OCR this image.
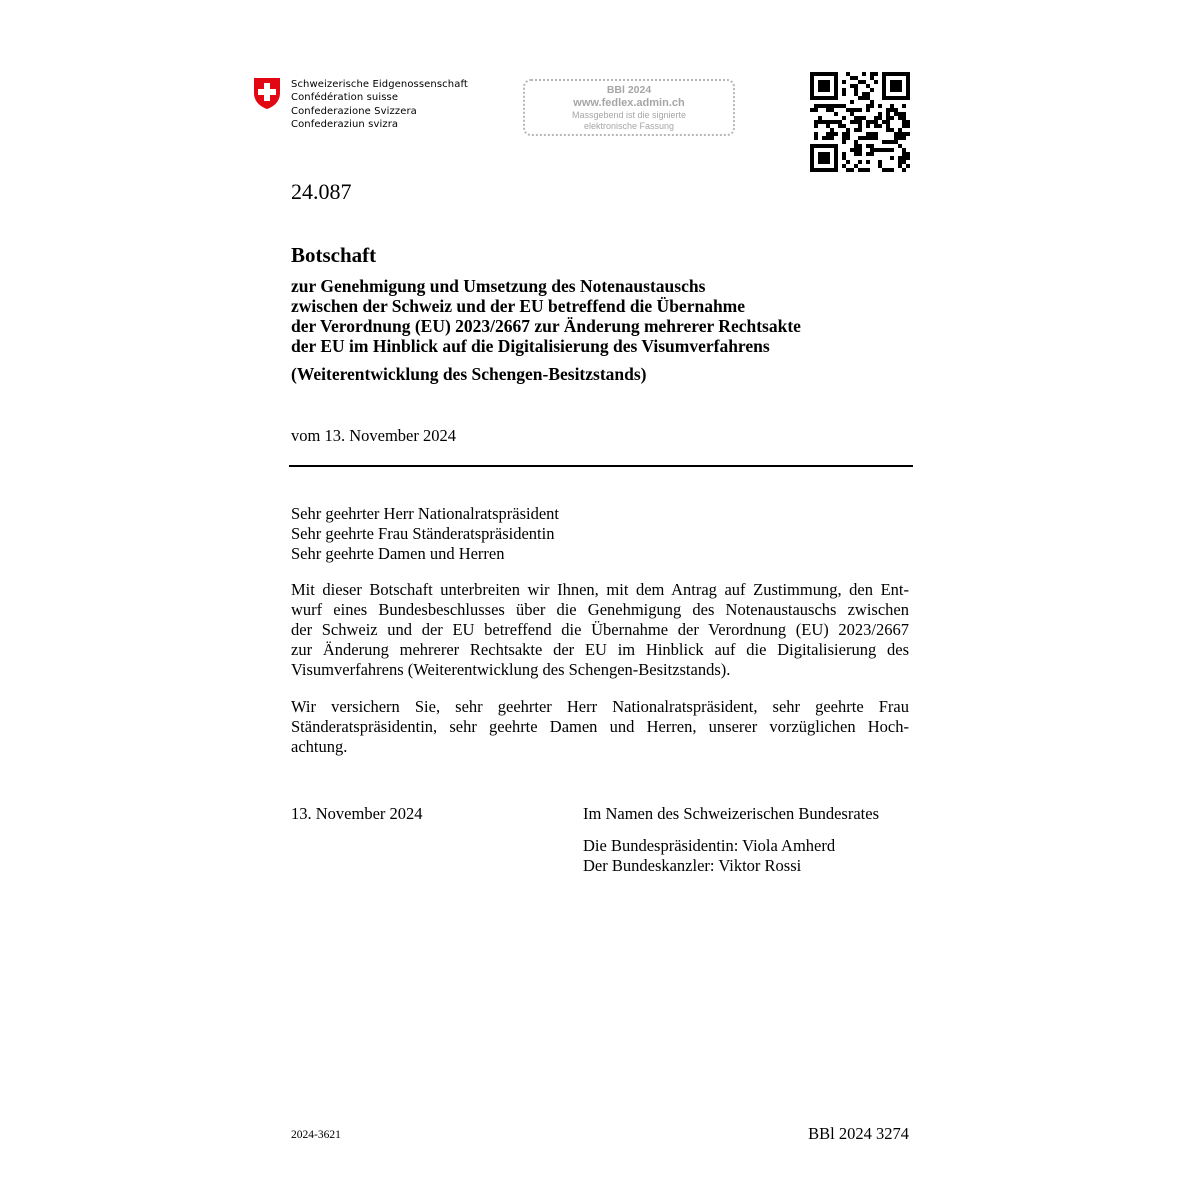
Schweizerische Eidgenossenschaft
Confédération suisse
Confederazione Svizzera
Confederaziun svizra
BBl 2024
www.fedlex.admin.ch
Massgebend ist die signierte
elektronische Fassung
24.087
Botschaft
zur Genehmigung und Umsetzung des Notenaustauschs
zwischen der Schweiz und der EU betreffend die Übernahme
der Verordnung (EU) 2023/2667 zur Änderung mehrerer Rechtsakte
der EU im Hinblick auf die Digitalisierung des Visumverfahrens
(Weiterentwicklung des Schengen-Besitzstands)
vom 13. November 2024
Sehr geehrter Herr Nationalratspräsident
Sehr geehrte Frau Ständeratspräsidentin
Sehr geehrte Damen und Herren
Mit dieser Botschaft unterbreiten wir Ihnen, mit dem Antrag auf Zustimmung, den Ent-
wurf eines Bundesbeschlusses über die Genehmigung des Notenaustauschs zwischen
der Schweiz und der EU betreffend die Übernahme der Verordnung (EU) 2023/2667
zur Änderung mehrerer Rechtsakte der EU im Hinblick auf die Digitalisierung des
Visumverfahrens (Weiterentwicklung des Schengen-Besitzstands).
Wir versichern Sie, sehr geehrter Herr Nationalratspräsident, sehr geehrte Frau
Ständeratspräsidentin, sehr geehrte Damen und Herren, unserer vorzüglichen Hoch-
achtung.
13. November 2024	Im Namen des Schweizerischen Bundesrates
Die Bundespräsidentin: Viola Amherd
Der Bundeskanzler: Viktor Rossi
2024-3621	BBl 2024 3274
